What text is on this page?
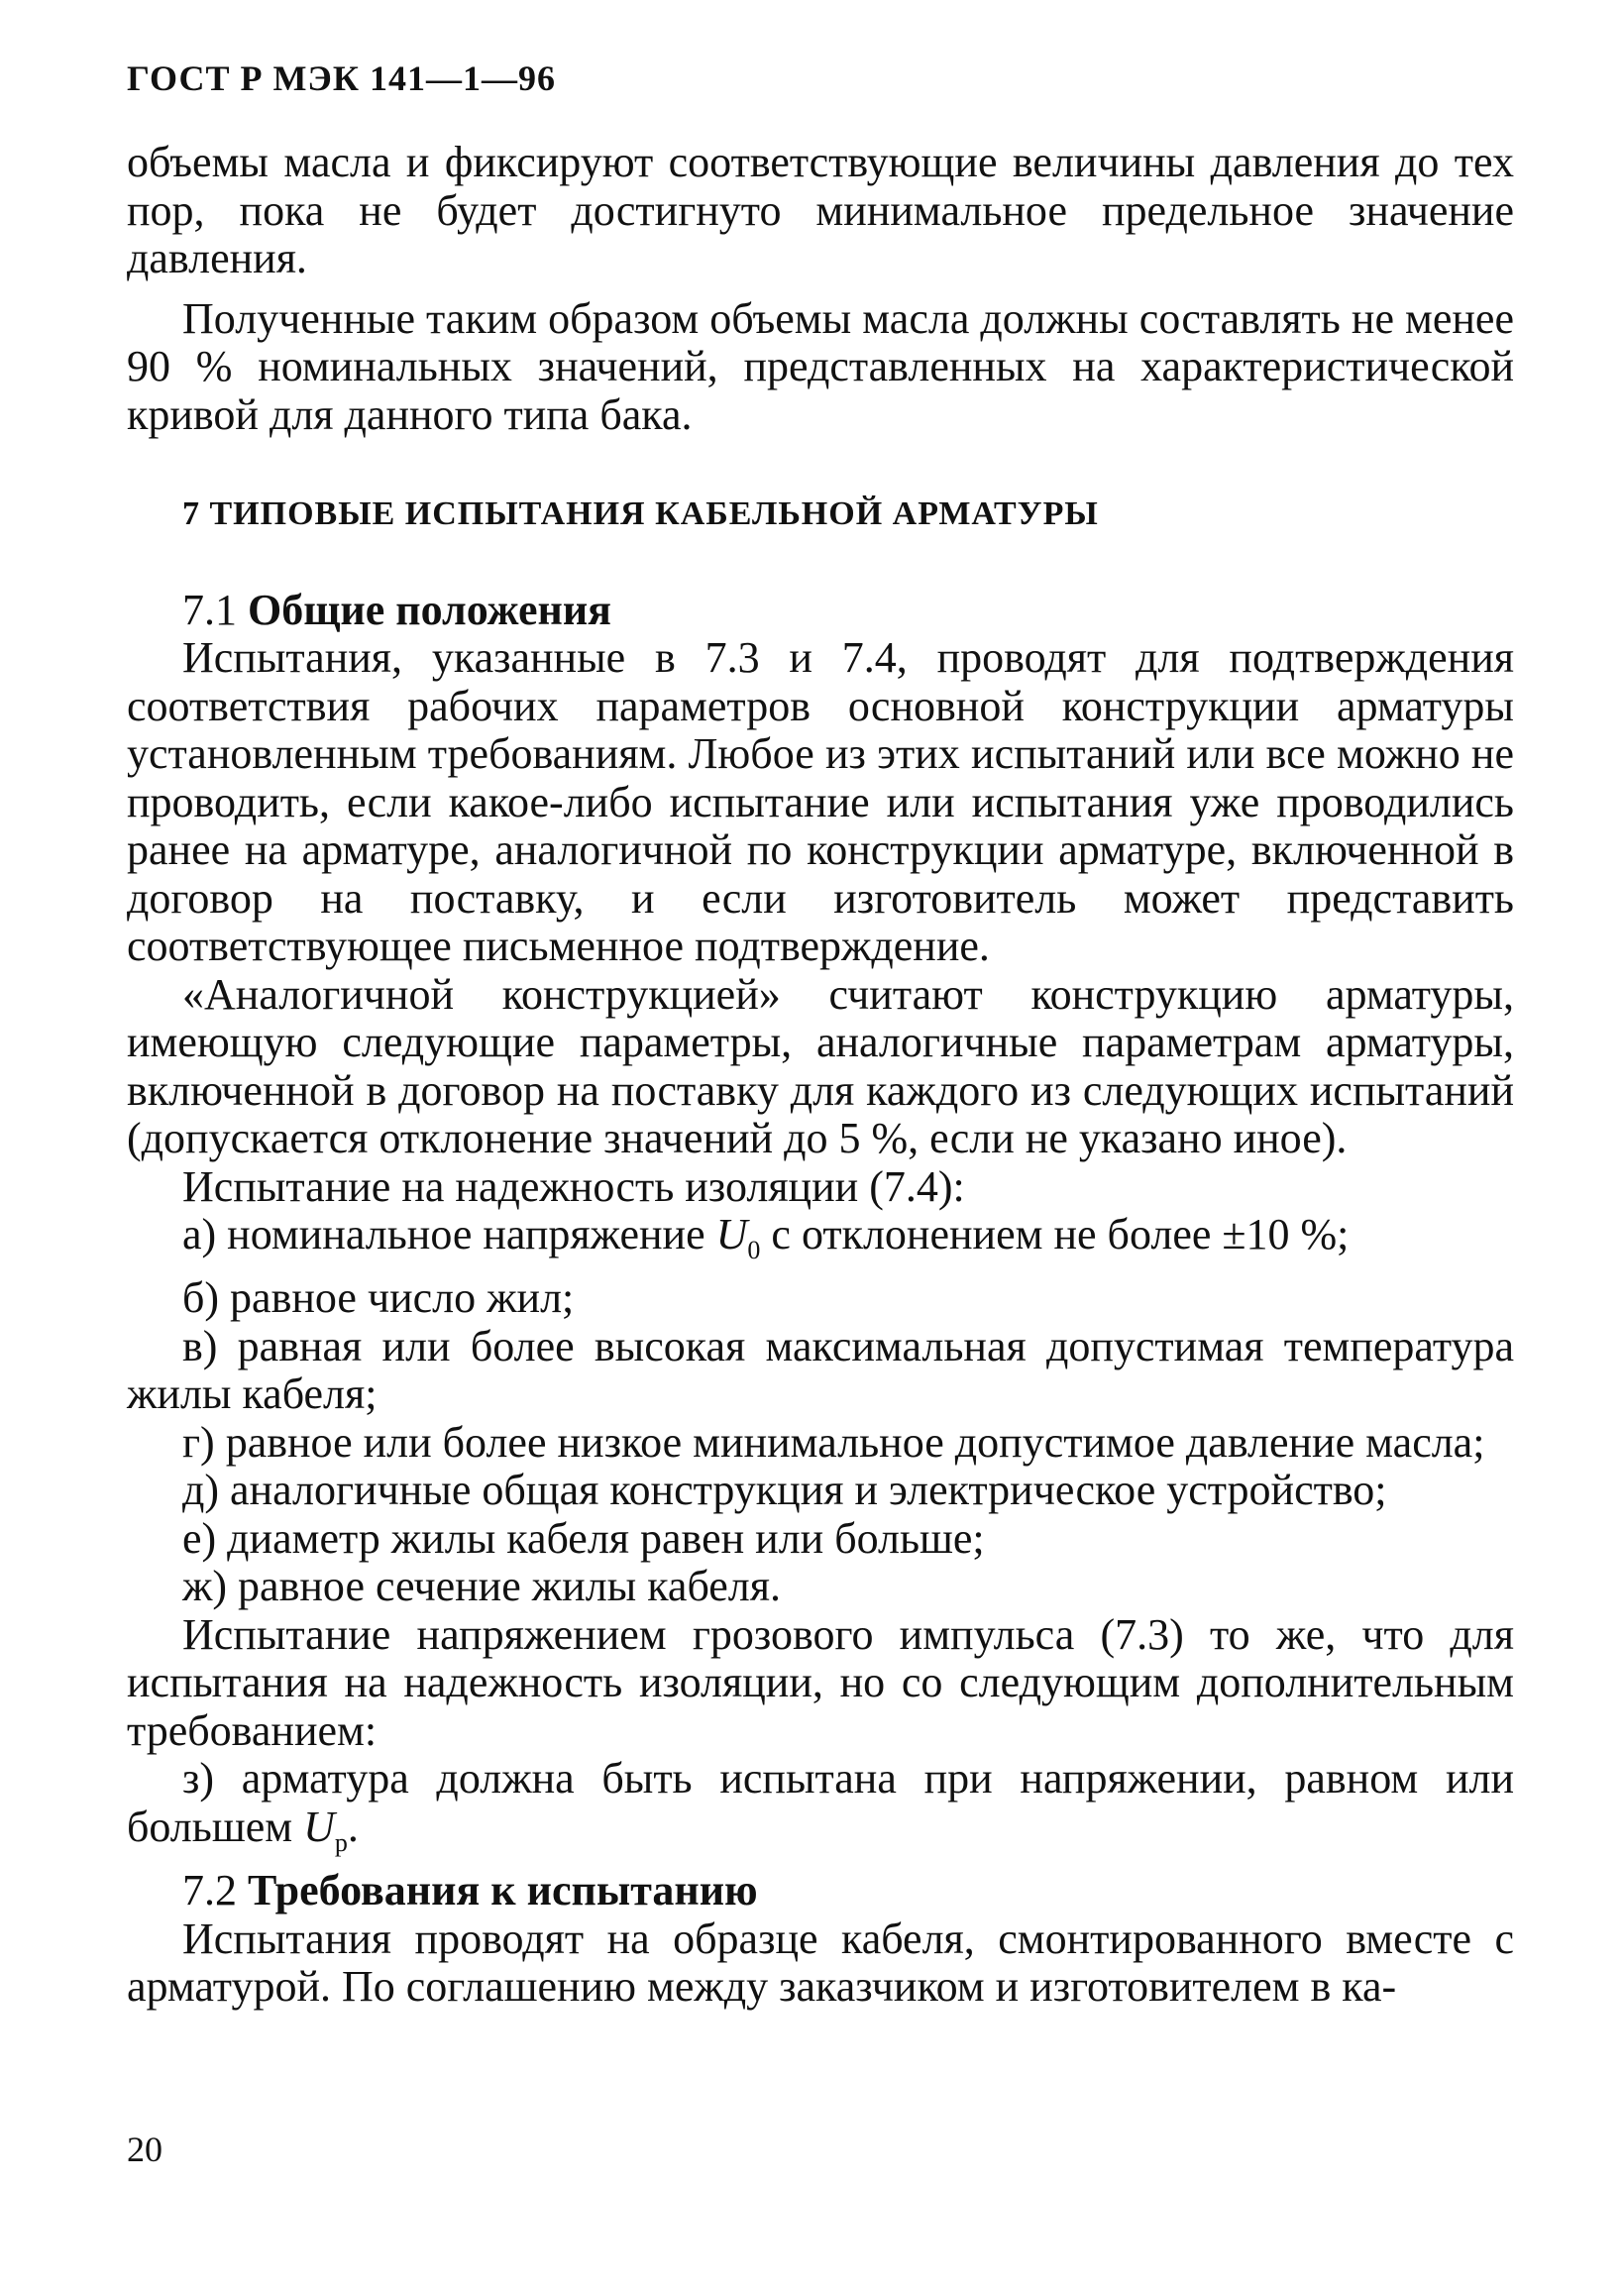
ГОСТ Р МЭК 141—1—96

объемы масла и фиксируют соответствующие величины давления до тех пор, пока не будет достигнуто минимальное предельное значение давления.

Полученные таким образом объемы масла должны составлять не менее 90 % номинальных значений, представленных на характеристической кривой для данного типа бака.

7 ТИПОВЫЕ ИСПЫТАНИЯ КАБЕЛЬНОЙ АРМАТУРЫ

7.1 Общие положения

Испытания, указанные в 7.3 и 7.4, проводят для подтверждения соответствия рабочих параметров основной конструкции арматуры установленным требованиям. Любое из этих испытаний или все можно не проводить, если какое-либо испытание или испытания уже проводились ранее на арматуре, аналогичной по конструкции арматуре, включенной в договор на поставку, и если изготовитель может представить соответствующее письменное подтверждение.

«Аналогичной конструкцией» считают конструкцию арматуры, имеющую следующие параметры, аналогичные параметрам арматуры, включенной в договор на поставку для каждого из следующих испытаний (допускается отклонение значений до 5 %, если не указано иное).

Испытание на надежность изоляции (7.4):

а) номинальное напряжение $U_0$ с отклонением не более ±10 %;

б) равное число жил;

в) равная или более высокая максимальная допустимая температура жилы кабеля;

г) равное или более низкое минимальное допустимое давление масла;

д) аналогичные общая конструкция и электрическое устройство;

е) диаметр жилы кабеля равен или больше;

ж) равное сечение жилы кабеля.

Испытание напряжением грозового импульса (7.3) то же, что для испытания на надежность изоляции, но со следующим дополнительным требованием:

з) арматура должна быть испытана при напряжении, равном или большем $U_р$.

7.2 Требования к испытанию

Испытания проводят на образце кабеля, смонтированного вместе с арматурой. По соглашению между заказчиком и изготовителем в ка-

20
